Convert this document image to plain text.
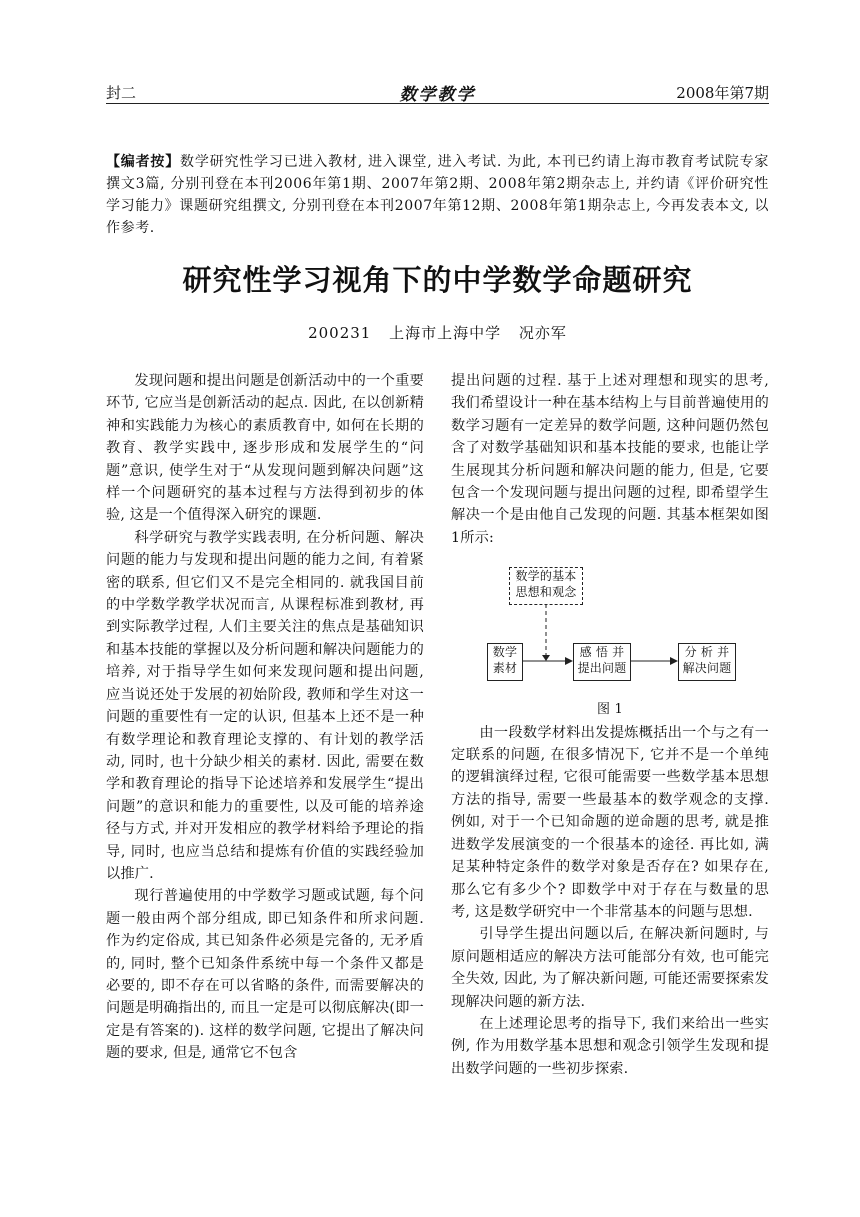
封二	数学教学	2008年第7期
【编者按】数学研究性学习已进入教材, 进入课堂, 进入考试. 为此, 本刊已约请上海市教育考试院专家撰文3篇, 分别刊登在本刊2006年第1期、2007年第2期、2008年第2期杂志上, 并约请《评价研究性学习能力》课题研究组撰文, 分别刊登在本刊2007年第12期、2008年第1期杂志上, 今再发表本文, 以作参考.
研究性学习视角下的中学数学命题研究
200231 上海市上海中学 况亦军

发现问题和提出问题是创新活动中的一个重要环节, 它应当是创新活动的起点. 因此, 在以创新精神和实践能力为核心的素质教育中, 如何在长期的教育、教学实践中, 逐步形成和发展学生的“问题”意识, 使学生对于“从发现问题到解决问题”这样一个问题研究的基本过程与方法得到初步的体验, 这是一个值得深入研究的课题.

科学研究与教学实践表明, 在分析问题、解决问题的能力与发现和提出问题的能力之间, 有着紧密的联系, 但它们又不是完全相同的. 就我国目前的中学数学教学状况而言, 从课程标准到教材, 再到实际教学过程, 人们主要关注的焦点是基础知识和基本技能的掌握以及分析问题和解决问题能力的培养, 对于指导学生如何来发现问题和提出问题, 应当说还处于发展的初始阶段, 教师和学生对这一问题的重要性有一定的认识, 但基本上还不是一种有数学理论和教育理论支撑的、有计划的教学活动, 同时, 也十分缺少相关的素材. 因此, 需要在数学和教育理论的指导下论述培养和发展学生“提出问题”的意识和能力的重要性, 以及可能的培养途径与方式, 并对开发相应的教学材料给予理论的指导, 同时, 也应当总结和提炼有价值的实践经验加以推广.

现行普遍使用的中学数学习题或试题, 每个问题一般由两个部分组成, 即已知条件和所求问题. 作为约定俗成, 其已知条件必须是完备的, 无矛盾的, 同时, 整个已知条件系统中每一个条件又都是必要的, 即不存在可以省略的条件, 而需要解决的问题是明确指出的, 而且一定是可以彻底解决(即一定是有答案的). 这样的数学问题, 它提出了解决问题的要求, 但是, 通常它不包含

提出问题的过程. 基于上述对理想和现实的思考, 我们希望设计一种在基本结构上与目前普遍使用的数学习题有一定差异的数学问题, 这种问题仍然包含了对数学基础知识和基本技能的要求, 也能让学生展现其分析问题和解决问题的能力, 但是, 它要包含一个发现问题与提出问题的过程, 即希望学生解决一个是由他自己发现的问题. 其基本框架如图1所示:

数学的基本
思想和观念
数学
素材
感 悟 并
提出问题
分 析 并
解决问题

图 1

由一段数学材料出发提炼概括出一个与之有一定联系的问题, 在很多情况下, 它并不是一个单纯的逻辑演绎过程, 它很可能需要一些数学基本思想方法的指导, 需要一些最基本的数学观念的支撑. 例如, 对于一个已知命题的逆命题的思考, 就是推进数学发展演变的一个很基本的途径. 再比如, 满足某种特定条件的数学对象是否存在? 如果存在, 那么它有多少个? 即数学中对于存在与数量的思考, 这是数学研究中一个非常基本的问题与思想.

引导学生提出问题以后, 在解决新问题时, 与原问题相适应的解决方法可能部分有效, 也可能完全失效, 因此, 为了解决新问题, 可能还需要探索发现解决问题的新方法.

在上述理论思考的指导下, 我们来给出一些实例, 作为用数学基本思想和观念引领学生发现和提出数学问题的一些初步探索.
